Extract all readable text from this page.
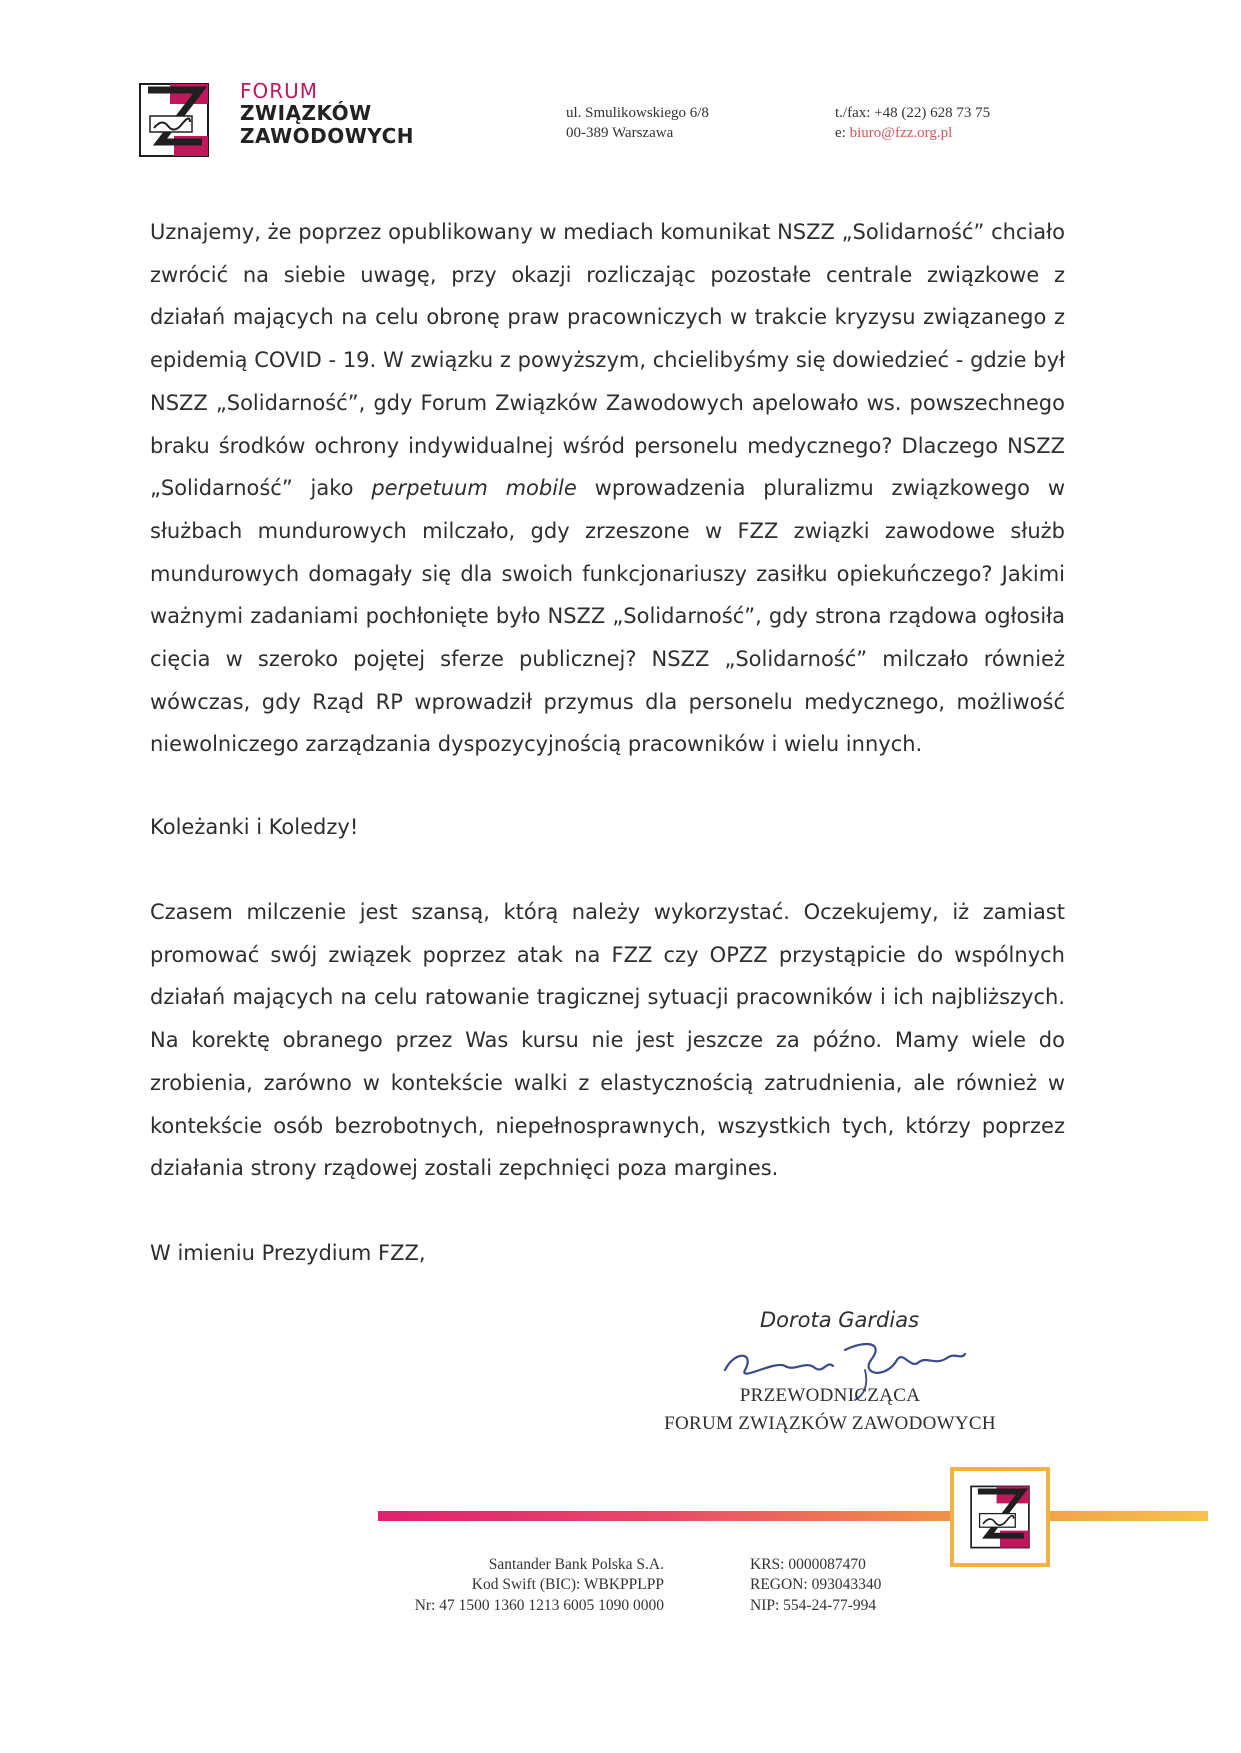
FORUM
ZWIĄZKÓW
ZAWODOWYCH
ul. Smulikowskiego 6/8
00-389 Warszawa
t./fax: +48 (22) 628 73 75
e: biuro@fzz.org.pl

Uznajemy, że poprzez opublikowany w mediach komunikat NSZZ „Solidarność” chciało zwrócić na siebie uwagę, przy okazji rozliczając pozostałe centrale związkowe z działań mających na celu obronę praw pracowniczych w trakcie kryzysu związanego z epidemią COVID - 19. W związku z powyższym, chcielibyśmy się dowiedzieć - gdzie był NSZZ „Solidarność”, gdy Forum Związków Zawodowych apelowało ws. powszechnego braku środków ochrony indywidualnej wśród personelu medycznego? Dlaczego NSZZ „Solidarność” jako perpetuum mobile wprowadzenia pluralizmu związkowego w służbach mundurowych milczało, gdy zrzeszone w FZZ związki zawodowe służb mundurowych domagały się dla swoich funkcjonariuszy zasiłku opiekuńczego? Jakimi ważnymi zadaniami pochłonięte było NSZZ „Solidarność”, gdy strona rządowa ogłosiła cięcia w szeroko pojętej sferze publicznej? NSZZ „Solidarność” milczało również wówczas, gdy Rząd RP wprowadził przymus dla personelu medycznego, możliwość niewolniczego zarządzania dyspozycyjnością pracowników i wielu innych.

Koleżanki i Koledzy!

Czasem milczenie jest szansą, którą należy wykorzystać. Oczekujemy, iż zamiast promować swój związek poprzez atak na FZZ czy OPZZ przystąpicie do wspólnych działań mających na celu ratowanie tragicznej sytuacji pracowników i ich najbliższych. Na korektę obranego przez Was kursu nie jest jeszcze za późno. Mamy wiele do zrobienia, zarówno w kontekście walki z elastycznością zatrudnienia, ale również w kontekście osób bezrobotnych, niepełnosprawnych, wszystkich tych, którzy poprzez działania strony rządowej zostali zepchnięci poza margines.

W imieniu Prezydium FZZ,

Dorota Gardias
PRZEWODNICZĄCA
FORUM ZWIĄZKÓW ZAWODOWYCH
Santander Bank Polska S.A.
Kod Swift (BIC): WBKPPLPP
Nr: 47 1500 1360 1213 6005 1090 0000
KRS: 0000087470
REGON: 093043340
NIP: 554-24-77-994
